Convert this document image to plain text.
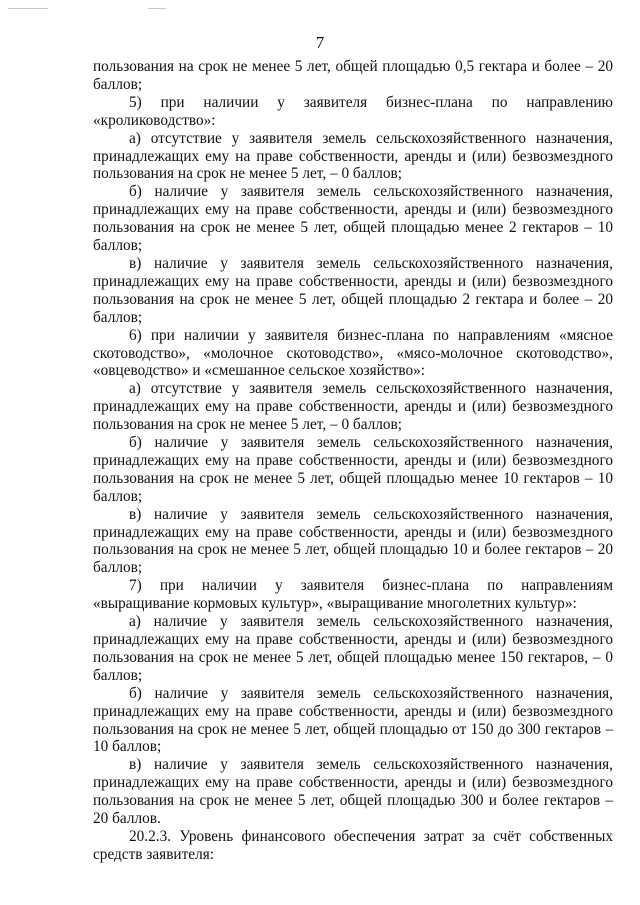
7

пользования на срок не менее 5 лет, общей площадью 0,5 гектара и более – 20 баллов;

5) при наличии у заявителя бизнес-плана по направлению «кролиководство»:

а) отсутствие у заявителя земель сельскохозяйственного назначения, принадлежащих ему на праве собственности, аренды и (или) безвозмездного пользования на срок не менее 5 лет, – 0 баллов;

б) наличие у заявителя земель сельскохозяйственного назначения, принадлежащих ему на праве собственности, аренды и (или) безвозмездного пользования на срок не менее 5 лет, общей площадью менее 2 гектаров – 10 баллов;

в) наличие у заявителя земель сельскохозяйственного назначения, принадлежащих ему на праве собственности, аренды и (или) безвозмездного пользования на срок не менее 5 лет, общей площадью 2 гектара и более – 20 баллов;

6) при наличии у заявителя бизнес-плана по направлениям «мясное скотоводство», «молочное скотоводство», «мясо-молочное скотоводство», «овцеводство» и «смешанное сельское хозяйство»:

а) отсутствие у заявителя земель сельскохозяйственного назначения, принадлежащих ему на праве собственности, аренды и (или) безвозмездного пользования на срок не менее 5 лет, – 0 баллов;

б) наличие у заявителя земель сельскохозяйственного назначения, принадлежащих ему на праве собственности, аренды и (или) безвозмездного пользования на срок не менее 5 лет, общей площадью менее 10 гектаров – 10 баллов;

в) наличие у заявителя земель сельскохозяйственного назначения, принадлежащих ему на праве собственности, аренды и (или) безвозмездного пользования на срок не менее 5 лет, общей площадью 10 и более гектаров – 20 баллов;

7) при наличии у заявителя бизнес-плана по направлениям «выращивание кормовых культур», «выращивание многолетних культур»:

а) наличие у заявителя земель сельскохозяйственного назначения, принадлежащих ему на праве собственности, аренды и (или) безвозмездного пользования на срок не менее 5 лет, общей площадью менее 150 гектаров, – 0 баллов;

б) наличие у заявителя земель сельскохозяйственного назначения, принадлежащих ему на праве собственности, аренды и (или) безвозмездного пользования на срок не менее 5 лет, общей площадью от 150 до 300 гектаров – 10 баллов;

в) наличие у заявителя земель сельскохозяйственного назначения, принадлежащих ему на праве собственности, аренды и (или) безвозмездного пользования на срок не менее 5 лет, общей площадью 300 и более гектаров – 20 баллов.

20.2.3. Уровень финансового обеспечения затрат за счёт собственных средств заявителя:
